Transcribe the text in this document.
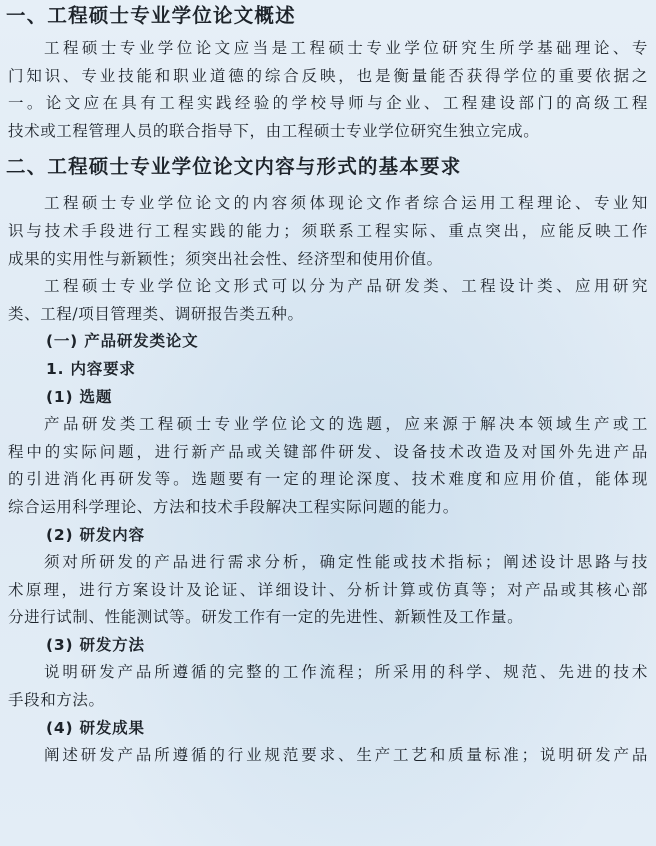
一、工程硕士专业学位论文概述
工程硕士专业学位论文应当是工程硕士专业学位研究生所学基础理论、专
门知识、专业技能和职业道德的综合反映，也是衡量能否获得学位的重要依据之
一。论文应在具有工程实践经验的学校导师与企业、工程建设部门的高级工程
技术或工程管理人员的联合指导下，由工程硕士专业学位研究生独立完成。
二、工程硕士专业学位论文内容与形式的基本要求
工程硕士专业学位论文的内容须体现论文作者综合运用工程理论、专业知
识与技术手段进行工程实践的能力；须联系工程实际、重点突出，应能反映工作
成果的实用性与新颖性；须突出社会性、经济型和使用价值。
工程硕士专业学位论文形式可以分为产品研发类、工程设计类、应用研究
类、工程/项目管理类、调研报告类五种。
(一) 产品研发类论文
1. 内容要求
(1) 选题
产品研发类工程硕士专业学位论文的选题，应来源于解决本领域生产或工
程中的实际问题，进行新产品或关键部件研发、设备技术改造及对国外先进产品
的引进消化再研发等。选题要有一定的理论深度、技术难度和应用价值，能体现
综合运用科学理论、方法和技术手段解决工程实际问题的能力。
(2) 研发内容
须对所研发的产品进行需求分析，确定性能或技术指标；阐述设计思路与技
术原理，进行方案设计及论证、详细设计、分析计算或仿真等；对产品或其核心部
分进行试制、性能测试等。研发工作有一定的先进性、新颖性及工作量。
(3) 研发方法
说明研发产品所遵循的完整的工作流程；所采用的科学、规范、先进的技术
手段和方法。
(4) 研发成果
阐述研发产品所遵循的行业规范要求、生产工艺和质量标准；说明研发产品
